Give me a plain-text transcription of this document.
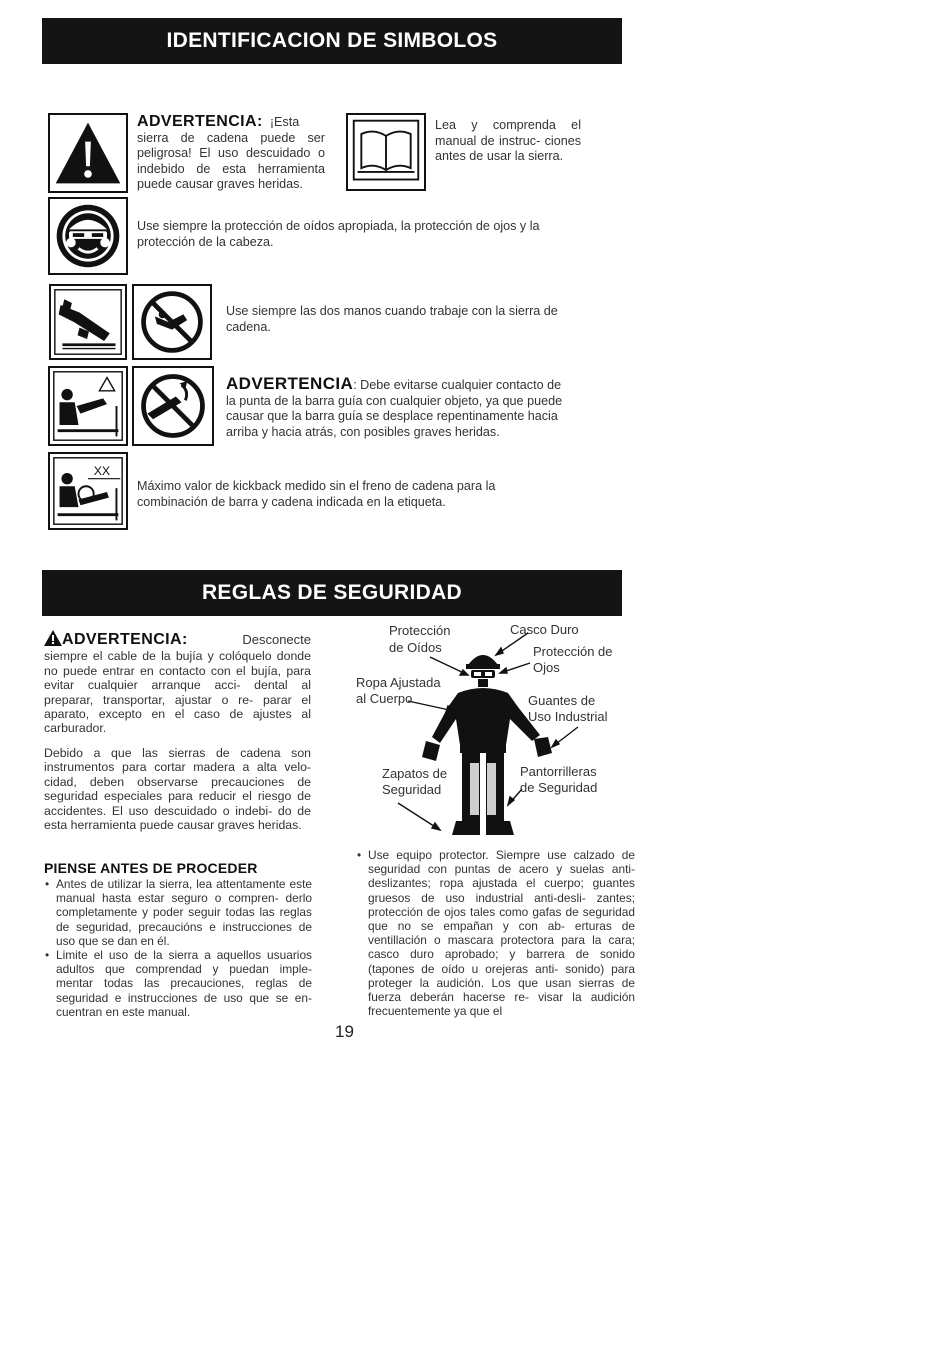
IDENTIFICACION DE SIMBOLOS
ADVERTENCIA: ¡Esta
sierra de cadena puede ser peligrosa! El uso descuidado o indebido de esta herramienta puede causar graves heridas.
Lea y comprenda el manual de instruc- ciones antes de usar la sierra.
Use siempre la protección de oídos apropiada, la protección de ojos y la protección de la cabeza.
Use siempre las dos manos cuando trabaje con la sierra de cadena.
ADVERTENCIA: Debe evitarse cualquier contacto de
la punta de la barra guía con cualquier objeto, ya que puede causar que la barra guía se desplace repentinamente hacia arriba y hacia atrás, con posibles graves heridas.
XX
Máximo valor de kickback medido sin el freno de cadena para la combinación de barra y cadena indicada en la etiqueta.
REGLAS DE SEGURIDAD
ADVERTENCIA:	Desconecte
siempre el cable de la bujía y colóquelo donde no puede entrar en contacto con el bujía, para evitar cualquier arranque acci- dental al preparar, transportar, ajustar o re- parar el aparato, excepto en el caso de ajustes al carburador.
Debido a que las sierras de cadena son instrumentos para cortar madera a alta velo- cidad, deben observarse precauciones de seguridad especiales para reducir el riesgo de accidentes. El uso descuidado o indebi- do de esta herramienta puede causar graves heridas.
PIENSE ANTES DE PROCEDER
• Antes de utilizar la sierra, lea attentamente este manual hasta estar seguro o compren- derlo completamente y poder seguir todas las reglas de seguridad, precaucións e instrucciones de uso que se dan en él.
• Limite el uso de la sierra a aquellos usuarios adultos que comprendad y puedan imple- mentar todas las precauciones, reglas de seguridad e instrucciones de uso que se en- cuentran en este manual.
Protección
de Oídos
Casco Duro
Protección de
Ojos
Ropa Ajustada
al Cuerpo	Guantes de
Uso Industrial
Zapatos de
Seguridad
Pantorrilleras
de Seguridad
• Use equipo protector. Siempre use calzado de seguridad con puntas de acero y suelas anti-deslizantes; ropa ajustada el cuerpo; guantes gruesos de uso industrial anti-desli- zantes; protección de ojos tales como gafas de seguridad que no se empañan y con ab- erturas de ventillación o mascara protectora para la cara; casco duro aprobado; y barrera de sonido (tapones de oído u orejeras anti- sonido) para proteger la audición. Los que usan sierras de fuerza deberán hacerse re- visar la audición frecuentemente ya que el
19
